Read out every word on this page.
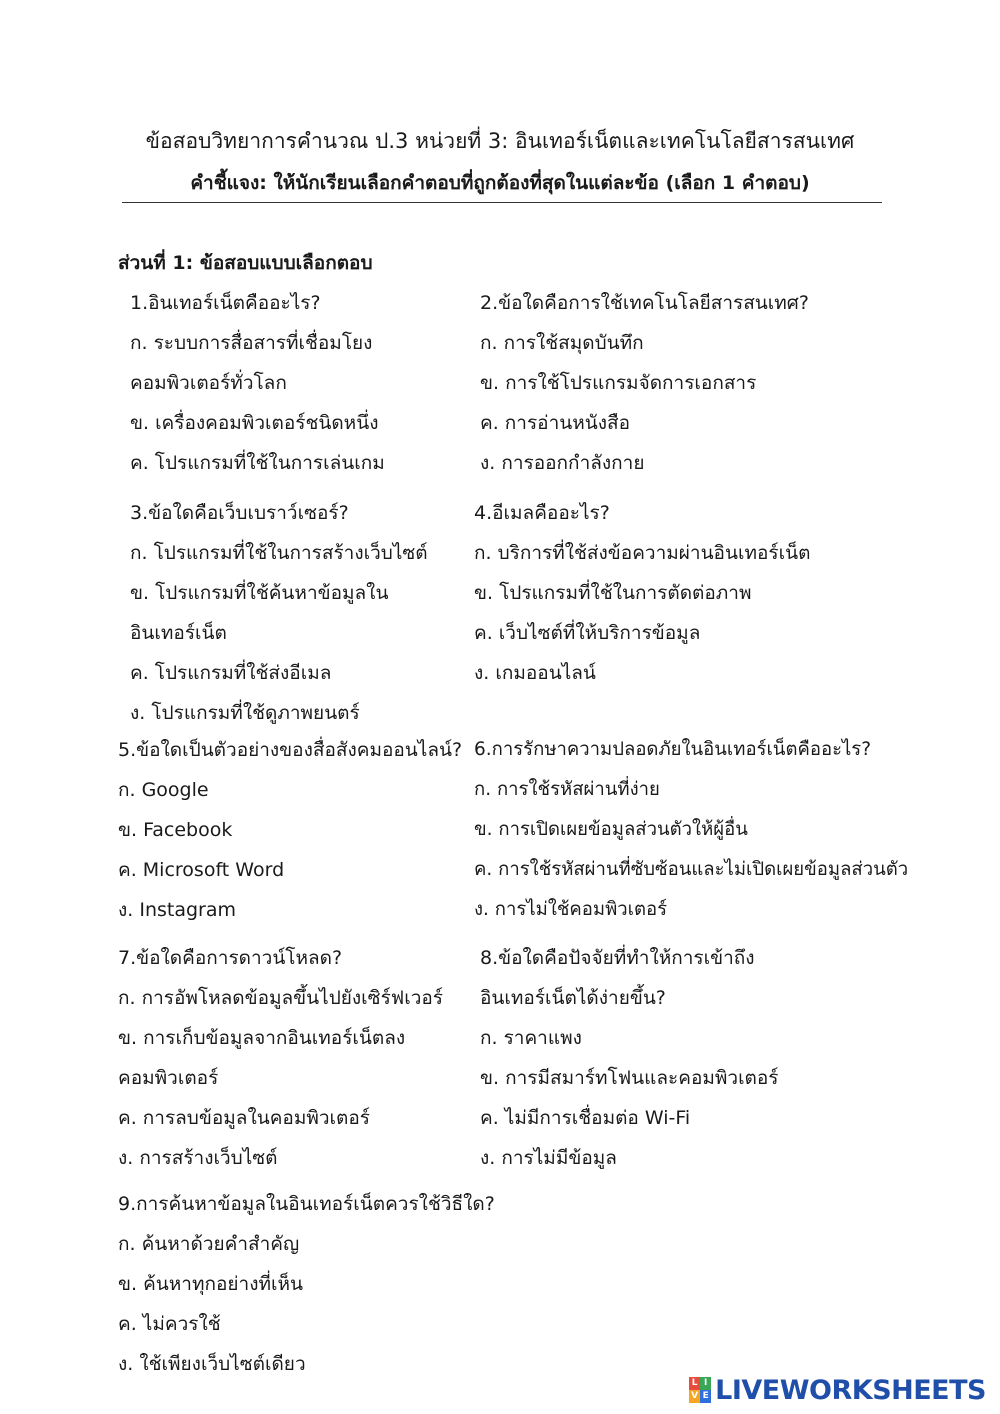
ข้อสอบวิทยาการคำนวณ ป.3 หน่วยที่ 3: อินเทอร์เน็ตและเทคโนโลยีสารสนเทศ
คำชี้แจง: ให้นักเรียนเลือกคำตอบที่ถูกต้องที่สุดในแต่ละข้อ (เลือก 1 คำตอบ)
ส่วนที่ 1: ข้อสอบแบบเลือกตอบ
1.อินเทอร์เน็ตคืออะไร?
ก. ระบบการสื่อสารที่เชื่อมโยง
คอมพิวเตอร์ทั่วโลก
ข. เครื่องคอมพิวเตอร์ชนิดหนึ่ง
ค. โปรแกรมที่ใช้ในการเล่นเกม
2.ข้อใดคือการใช้เทคโนโลยีสารสนเทศ?
ก. การใช้สมุดบันทึก
ข. การใช้โปรแกรมจัดการเอกสาร
ค. การอ่านหนังสือ
ง. การออกกำลังกาย
3.ข้อใดคือเว็บเบราว์เซอร์?
ก. โปรแกรมที่ใช้ในการสร้างเว็บไซต์
ข. โปรแกรมที่ใช้ค้นหาข้อมูลใน
อินเทอร์เน็ต
ค. โปรแกรมที่ใช้ส่งอีเมล
ง. โปรแกรมที่ใช้ดูภาพยนตร์
4.อีเมลคืออะไร?
ก. บริการที่ใช้ส่งข้อความผ่านอินเทอร์เน็ต
ข. โปรแกรมที่ใช้ในการตัดต่อภาพ
ค. เว็บไซต์ที่ให้บริการข้อมูล
ง. เกมออนไลน์
5.ข้อใดเป็นตัวอย่างของสื่อสังคมออนไลน์?
ก. Google
ข. Facebook
ค. Microsoft Word
ง. Instagram
6.การรักษาความปลอดภัยในอินเทอร์เน็ตคืออะไร?
ก. การใช้รหัสผ่านที่ง่าย
ข. การเปิดเผยข้อมูลส่วนตัวให้ผู้อื่น
ค. การใช้รหัสผ่านที่ซับซ้อนและไม่เปิดเผยข้อมูลส่วนตัว
ง. การไม่ใช้คอมพิวเตอร์
7.ข้อใดคือการดาวน์โหลด?
ก. การอัพโหลดข้อมูลขึ้นไปยังเซิร์ฟเวอร์
ข. การเก็บข้อมูลจากอินเทอร์เน็ตลง
คอมพิวเตอร์
ค. การลบข้อมูลในคอมพิวเตอร์
ง. การสร้างเว็บไซต์
8.ข้อใดคือปัจจัยที่ทำให้การเข้าถึง
อินเทอร์เน็ตได้ง่ายขึ้น?
ก. ราคาแพง
ข. การมีสมาร์ทโฟนและคอมพิวเตอร์
ค. ไม่มีการเชื่อมต่อ Wi-Fi
ง. การไม่มีข้อมูล
9.การค้นหาข้อมูลในอินเทอร์เน็ตควรใช้วิธีใด?
ก. ค้นหาด้วยคำสำคัญ
ข. ค้นหาทุกอย่างที่เห็น
ค. ไม่ควรใช้
ง. ใช้เพียงเว็บไซต์เดียว
L I
V E LIVEWORKSHEETS
